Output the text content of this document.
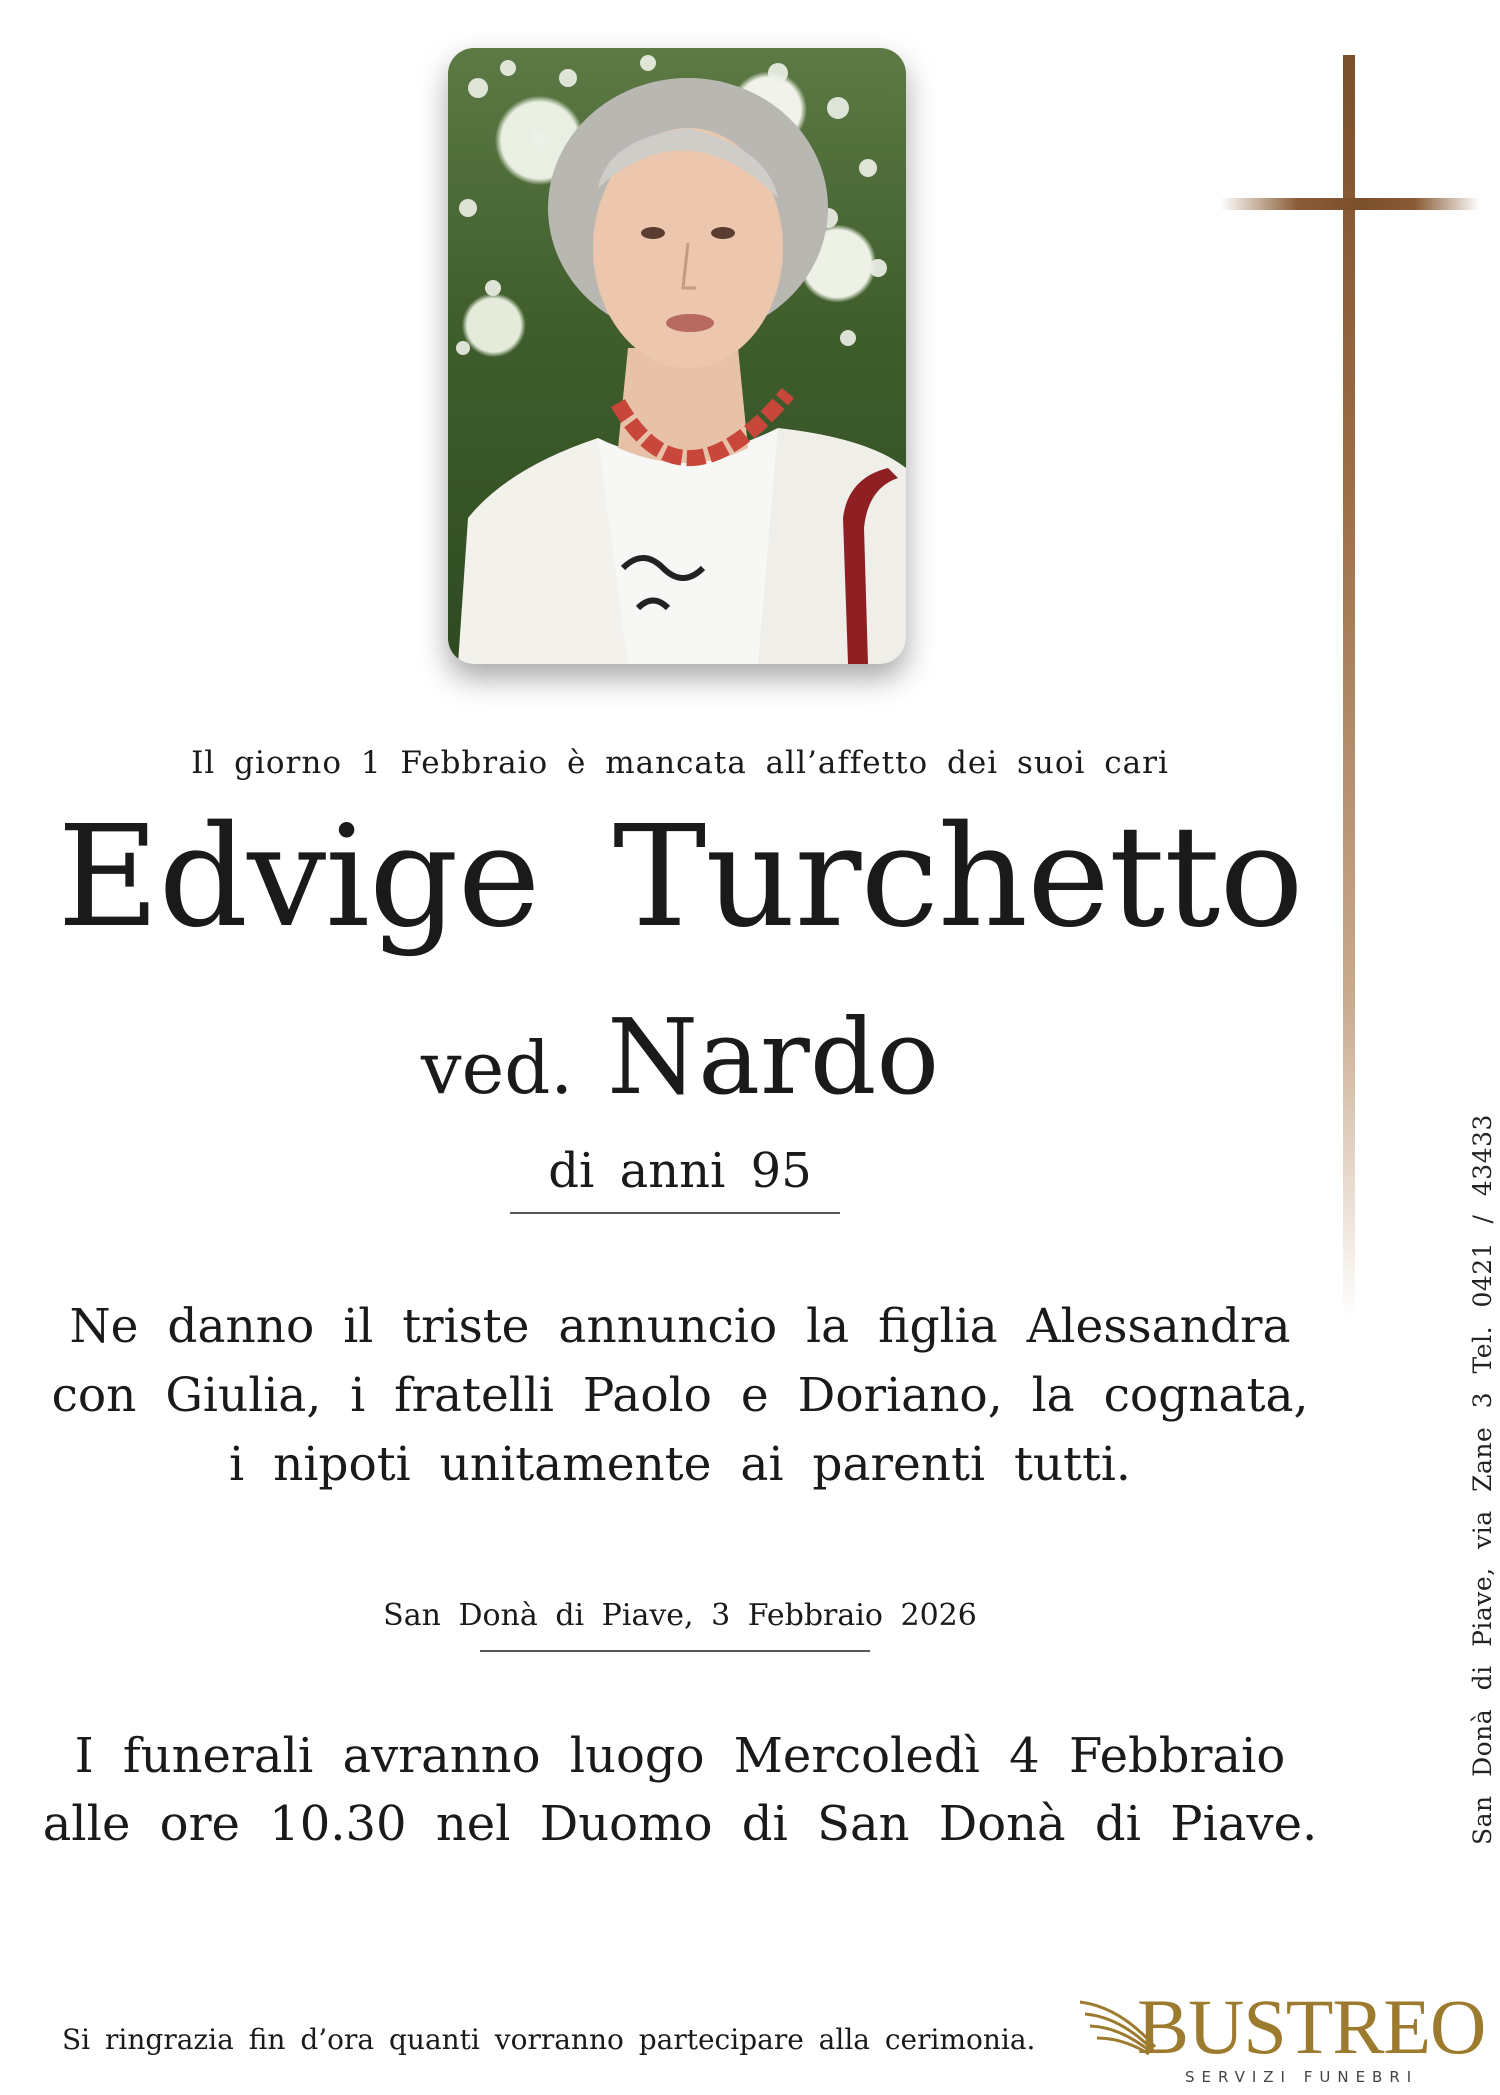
Il giorno 1 Febbraio è mancata all’affetto dei suoi cari
Edvige Turchetto
ved. Nardo
di anni 95
Ne danno il triste annuncio la figlia Alessandra
con Giulia, i fratelli Paolo e Doriano, la cognata,
i nipoti unitamente ai parenti tutti.
San Donà di Piave, 3 Febbraio 2026
I funerali avranno luogo Mercoledì 4 Febbraio
alle ore 10.30 nel Duomo di San Donà di Piave.
Si ringrazia fin d’ora quanti vorranno partecipare alla cerimonia.
San Donà di Piave, via Zane 3 Tel. 0421 / 43433
BUSTREO
SERVIZI FUNEBRI
